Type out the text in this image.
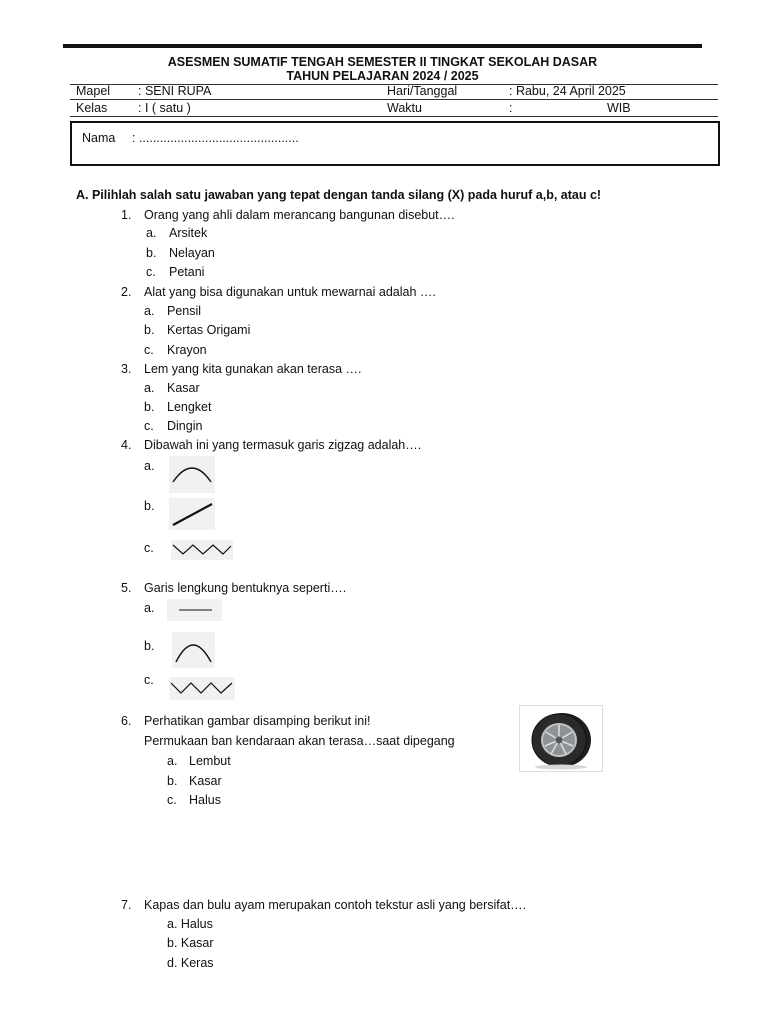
ASESMEN SUMATIF TENGAH SEMESTER II TINGKAT SEKOLAH DASAR
TAHUN PELAJARAN 2024 / 2025
Mapel : SENI RUPA	Hari/Tanggal	: Rabu, 24 April 2025
Kelas : I ( satu )	Waktu	:	WIB
Nama : ..............................................
A. Pilihlah salah satu jawaban yang tepat dengan tanda silang (X) pada huruf a,b, atau c!
1. Orang yang ahli dalam merancang bangunan disebut….
a. Arsitek
b. Nelayan
c. Petani
2. Alat yang bisa digunakan untuk mewarnai adalah ….
a. Pensil
b. Kertas Origami
c. Krayon
3. Lem yang kita gunakan akan terasa ….
a. Kasar
b. Lengket
c. Dingin
4. Dibawah ini yang termasuk garis zigzag adalah….
a.
b.
c.
5. Garis lengkung bentuknya seperti….
a.
b.
c.
6. Perhatikan gambar disamping berikut ini!
Permukaan ban kendaraan akan terasa…saat dipegang
a. Lembut
b. Kasar
c. Halus
7. Kapas dan bulu ayam merupakan contoh tekstur asli yang bersifat….
a. Halus
b. Kasar
d. Keras
